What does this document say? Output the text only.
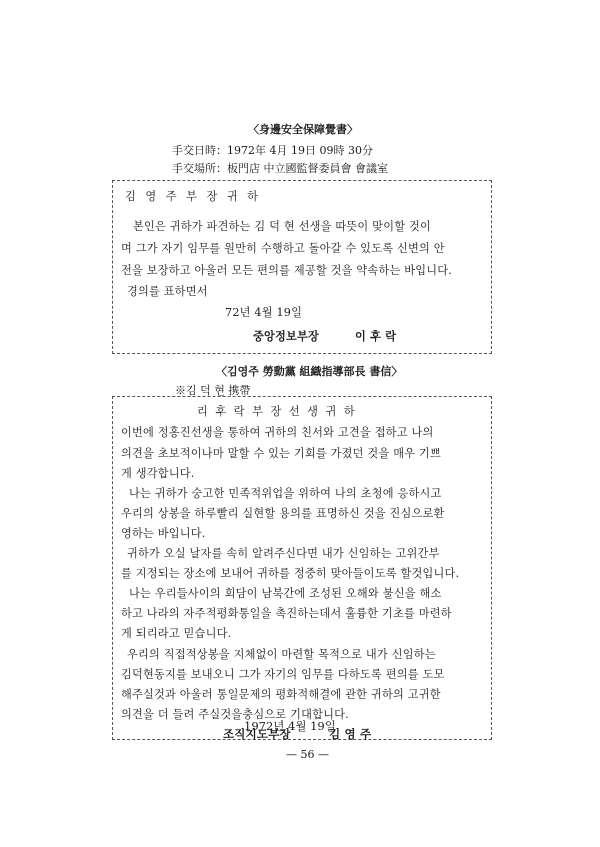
〈身邊安全保障覺書〉
手交日時：1972年 4月 19日 09時 30分
手交場所：板門店 中立國監督委員會 會議室
김 영 주 부 장 귀 하
본인은 귀하가 파견하는 김 덕 현 선생을 따뜻이 맞이할 것이
며 그가 자기 임무를 원만히 수행하고 돌아갈 수 있도록 신변의 안
전을 보장하고 아울러 모든 편의를 제공할 것을 약속하는 바입니다.
경의를 표하면서
72년 4월 19일
중앙정보부장	이 후 락
〈김영주 勞動黨 組織指導部長 書信〉
※김 덕 현 携帶
리 후 락 부 장 선 생 귀 하
이번에 정홍진선생을 통하여 귀하의 친서와 고견을 접하고 나의
의견을 초보적이나마 말할 수 있는 기회를 가졌던 것을 매우 기쁘
게 생각합니다.
나는 귀하가 숭고한 민족적위업을 위하여 나의 초청에 응하시고
우리의 상봉을 하루빨리 실현할 용의를 표명하신 것을 진심으로환
영하는 바입니다.
귀하가 오실 날자를 속히 알려주신다면 내가 신임하는 고위간부
를 지정되는 장소에 보내어 귀하를 정중히 맞아들이도록 할것입니다.
나는 우리들사이의 회담이 남북간에 조성된 오해와 불신을 해소
하고 나라의 자주적평화통일을 촉진하는데서 훌륭한 기초를 마련하
게 되리라고 믿습니다.
우리의 직접적상봉을 지체없이 마련할 목적으로 내가 신임하는
김덕현동지를 보내오니 그가 자기의 임무를 다하도록 편의를 도모
해주실것과 아울러 통일문제의 평화적해결에 관한 귀하의 고귀한
의견을 더 들려 주실것을충심으로 기대합니다.
조직지도부장	김 영 주
1972년 4월 19일
— 56 —
